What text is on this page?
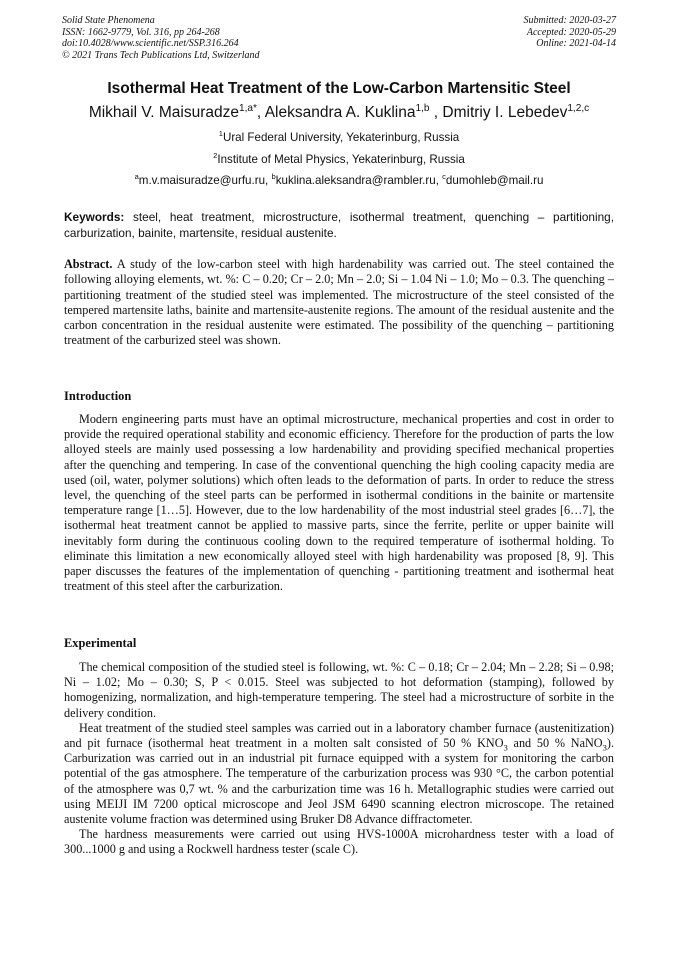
Solid State Phenomena
ISSN: 1662-9779, Vol. 316, pp 264-268
doi:10.4028/www.scientific.net/SSP.316.264
© 2021 Trans Tech Publications Ltd, Switzerland
Submitted: 2020-03-27
Accepted: 2020-05-29
Online: 2021-04-14
Isothermal Heat Treatment of the Low-Carbon Martensitic Steel
Mikhail V. Maisuradze$^{1,a*}$, Aleksandra A. Kuklina$^{1,b}$ , Dmitriy I. Lebedev$^{1,2,c}$
$^1$Ural Federal University, Yekaterinburg, Russia
$^2$Institute of Metal Physics, Yekaterinburg, Russia
$^a$m.v.maisuradze@urfu.ru, $^b$kuklina.aleksandra@rambler.ru, $^c$dumohleb@mail.ru
Keywords: steel, heat treatment, microstructure, isothermal treatment, quenching – partitioning, carburization, bainite, martensite, residual austenite.
Abstract. A study of the low-carbon steel with high hardenability was carried out. The steel contained the following alloying elements, wt. %: C – 0.20; Cr – 2.0; Mn – 2.0; Si – 1.04 Ni – 1.0; Mo – 0.3. The quenching – partitioning treatment of the studied steel was implemented. The microstructure of the steel consisted of the tempered martensite laths, bainite and martensite-austenite regions. The amount of the residual austenite and the carbon concentration in the residual austenite were estimated. The possibility of the quenching – partitioning treatment of the carburized steel was shown.
Introduction

Modern engineering parts must have an optimal microstructure, mechanical properties and cost in order to provide the required operational stability and economic efficiency. Therefore for the production of parts the low alloyed steels are mainly used possessing a low hardenability and providing specified mechanical properties after the quenching and tempering. In case of the conventional quenching the high cooling capacity media are used (oil, water, polymer solutions) which often leads to the deformation of parts. In order to reduce the stress level, the quenching of the steel parts can be performed in isothermal conditions in the bainite or martensite temperature range [1…5]. However, due to the low hardenability of the most industrial steel grades [6…7], the isothermal heat treatment cannot be applied to massive parts, since the ferrite, perlite or upper bainite will inevitably form during the continuous cooling down to the required temperature of isothermal holding. To eliminate this limitation a new economically alloyed steel with high hardenability was proposed [8, 9]. This paper discusses the features of the implementation of quenching - partitioning treatment and isothermal heat treatment of this steel after the carburization.

Experimental

The chemical composition of the studied steel is following, wt. %: C – 0.18; Cr – 2.04; Mn – 2.28; Si – 0.98; Ni – 1.02; Mo – 0.30; S, P < 0.015. Steel was subjected to hot deformation (stamping), followed by homogenizing, normalization, and high-temperature tempering. The steel had a microstructure of sorbite in the delivery condition.

Heat treatment of the studied steel samples was carried out in a laboratory chamber furnace (austenitization) and pit furnace (isothermal heat treatment in a molten salt consisted of 50 % $KNO_3$ and 50 % NaNO$_3$). Carburization was carried out in an industrial pit furnace equipped with a system for monitoring the carbon potential of the gas atmosphere. The temperature of the carburization process was 930 °C, the carbon potential of the atmosphere was 0,7 wt. % and the carburization time was 16 h. Metallographic studies were carried out using MEIJI IM 7200 optical microscope and Jeol JSM 6490 scanning electron microscope. The retained austenite volume fraction was determined using Bruker D8 Advance diffractometer.

The hardness measurements were carried out using HVS-1000A microhardness tester with a load of 300...1000 g and using a Rockwell hardness tester (scale C).
